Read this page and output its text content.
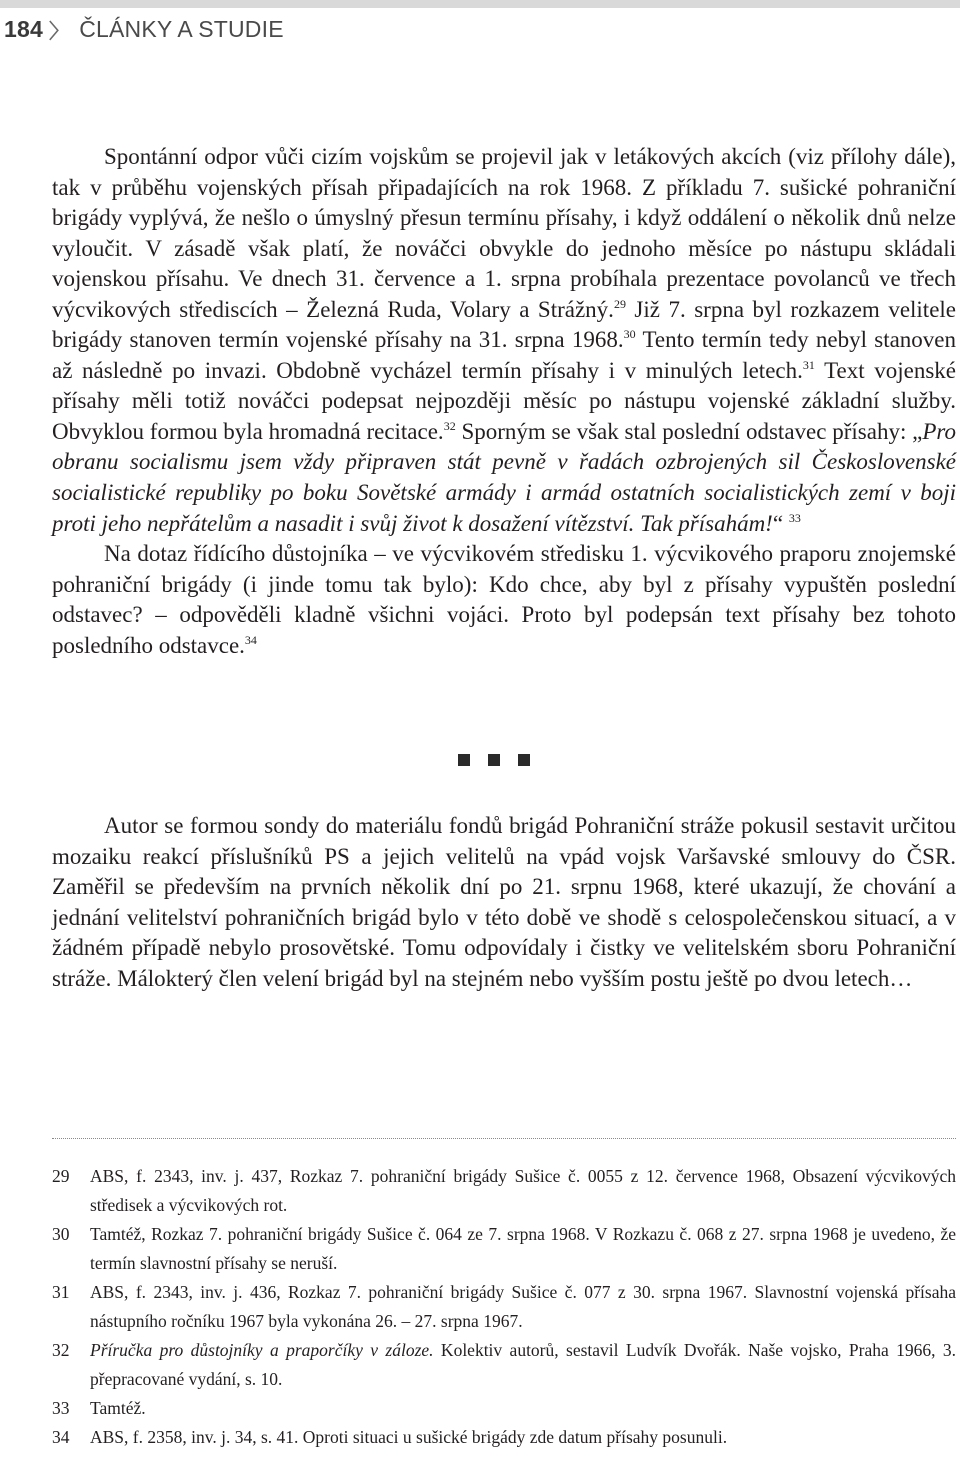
184 〉 ČLÁNKY A STUDIE

Spontánní odpor vůči cizím vojskům se projevil jak v letákových akcích (viz přílohy dále), tak v průběhu vojenských přísah připadajících na rok 1968. Z příkladu 7. sušické pohraniční brigády vyplývá, že nešlo o úmyslný přesun termínu přísahy, i když oddálení o několik dnů nelze vyloučit. V zásadě však platí, že nováčci obvykle do jednoho měsíce po nástupu skládali vojenskou přísahu. Ve dnech 31. července a 1. srpna probíhala prezentace povolanců ve třech výcvikových střediscích – Železná Ruda, Volary a Strážný.$^{29}$ Již 7. srpna byl rozkazem velitele brigády stanoven termín vojenské přísahy na 31. srpna 1968.30 Tento termín tedy nebyl stanoven až následně po invazi. Obdobně vycházel termín přísahy i v minulých letech.$^{31}$ Text vojenské přísahy měli totiž nováčci podepsat nejpozději měsíc po nástupu vojenské základní služby. Obvyklou formou byla hromadná recitace.$^{32}$ Sporným se však stal poslední odstavec přísahy: „Pro obranu socialismu jsem vždy připraven stát pevně v řadách ozbrojených sil Československé socialistické republiky po boku Sovětské armády i armád ostatních socialistických zemí v boji proti jeho nepřátelům a nasadit i svůj život k dosažení vítězství. Tak přísahám!“ $^{33}$

Na dotaz řídícího důstojníka – ve výcvikovém středisku 1. výcvikového praporu znojemské pohraniční brigády (i jinde tomu tak bylo): Kdo chce, aby byl z přísahy vypuštěn poslední odstavec? – odpověděli kladně všichni vojáci. Proto byl podepsán text přísahy bez tohoto posledního odstavce.$^{34}$

Autor se formou sondy do materiálu fondů brigád Pohraniční stráže pokusil sestavit určitou mozaiku reakcí příslušníků PS a jejich velitelů na vpád vojsk Varšavské smlouvy do ČSR. Zaměřil se především na prvních několik dní po 21. srpnu 1968, které ukazují, že chování a jednání velitelství pohraničních brigád bylo v této době ve shodě s celospolečenskou situací, a v žádném případě nebylo prosovětské. Tomu odpovídaly i čistky ve velitelském sboru Pohraniční stráže. Málokterý člen velení brigád byl na stejném nebo vyšším postu ještě po dvou letech…

29	ABS, f. 2343, inv. j. 437, Rozkaz 7. pohraniční brigády Sušice č. 0055 z 12. července 1968, Obsazení výcvikových středisek a výcvikových rot.
30	Tamtéž, Rozkaz 7. pohraniční brigády Sušice č. 064 ze 7. srpna 1968. V Rozkazu č. 068 z 27. srpna 1968 je uvedeno, že termín slavnostní přísahy se neruší.
31	ABS, f. 2343, inv. j. 436, Rozkaz 7. pohraniční brigády Sušice č. 077 z 30. srpna 1967. Slavnostní vojenská přísaha nástupního ročníku 1967 byla vykonána 26. – 27. srpna 1967.
32	Příručka pro důstojníky a praporčíky v záloze. Kolektiv autorů, sestavil Ludvík Dvořák. Naše vojsko, Praha 1966, 3. přepracované vydání, s. 10.
33	Tamtéž.
34	ABS, f. 2358, inv. j. 34, s. 41. Oproti situaci u sušické brigády zde datum přísahy posunuli.
